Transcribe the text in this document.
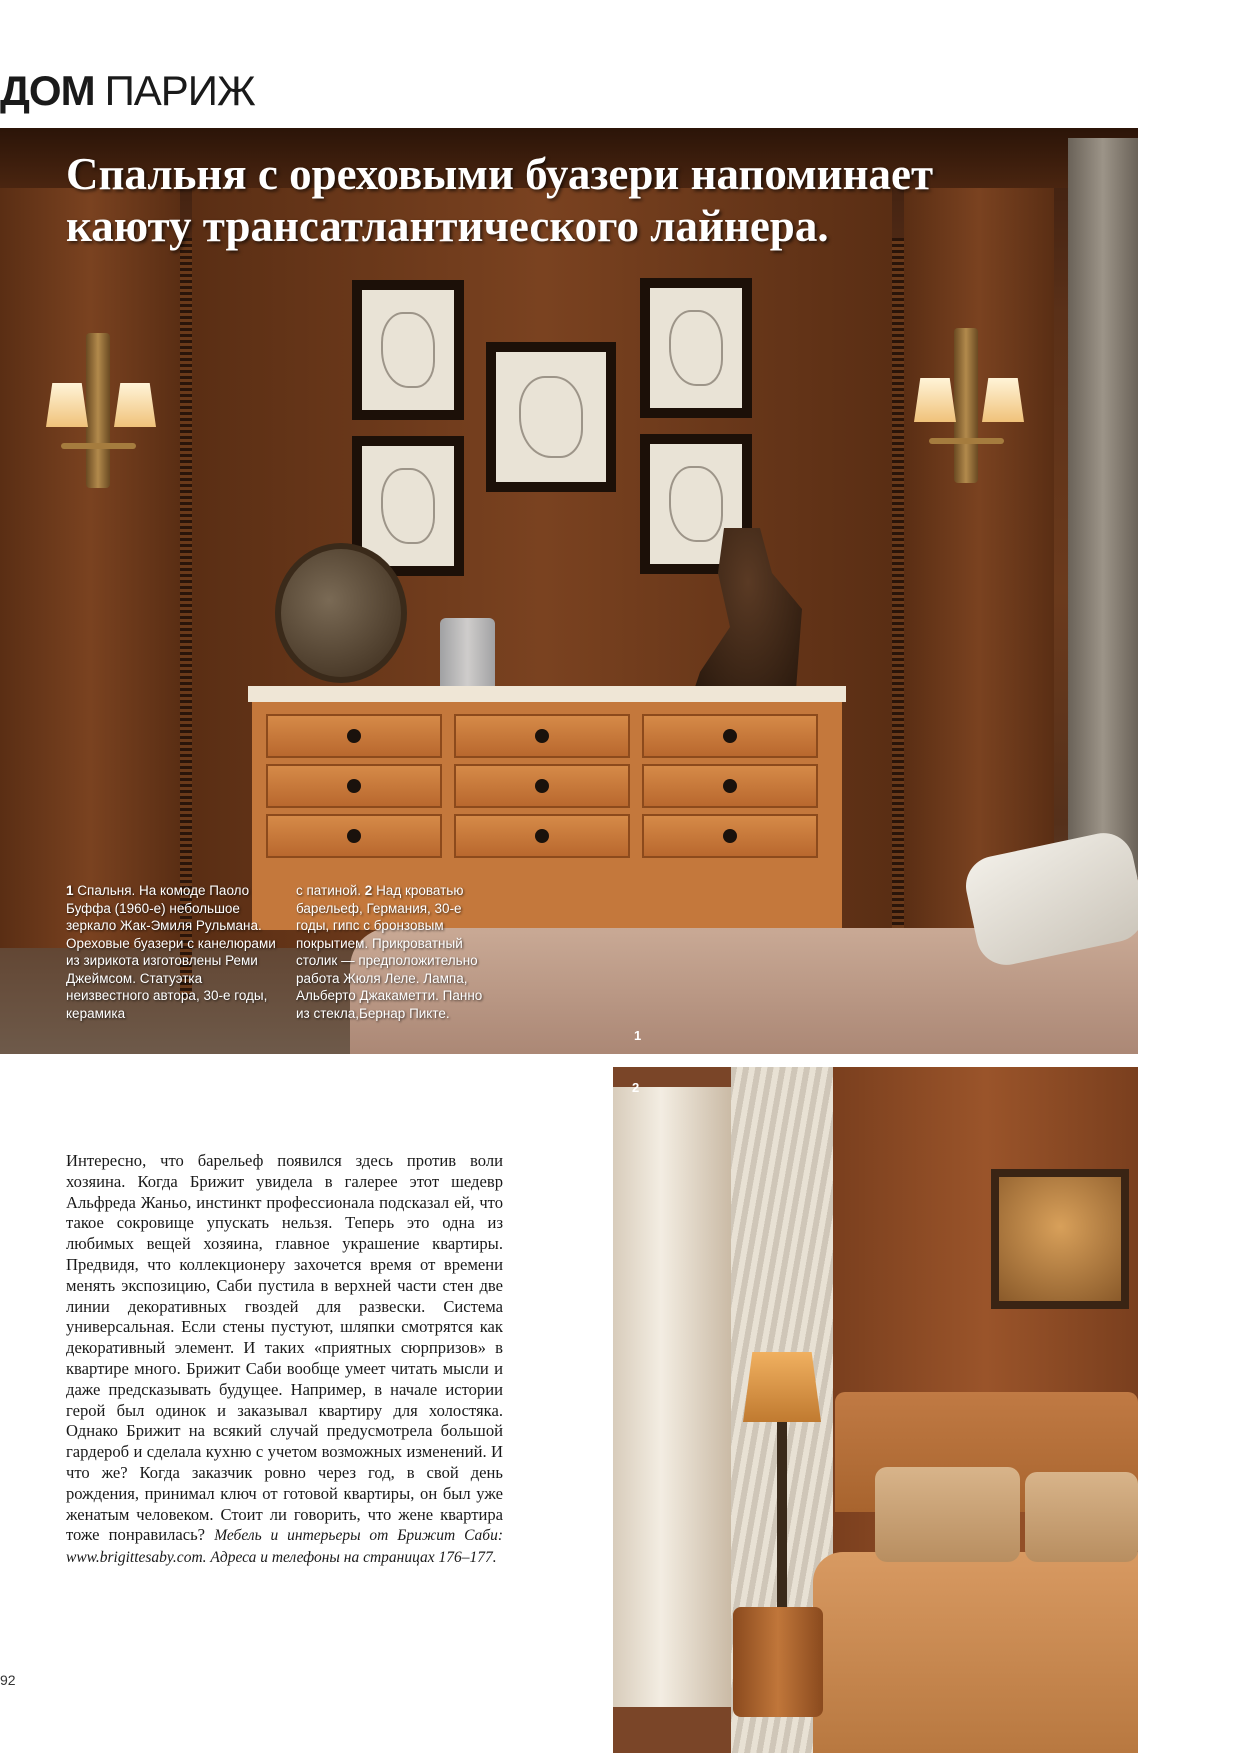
ДОМ ПАРИЖ
Спальня с ореховыми буазери напоминает
каюту трансатлантического лайнера.
1 Спальня. На комоде Паоло Буффа (1960-е) небольшое зеркало Жак-Эмиля Рульмана. Ореховые буазери с канелюрами из зирикота изготовлены Реми Джеймсом. Статуэтка неизвестного автора, 30-е годы, керамика
с патиной. 2 Над кроватью барельеф, Германия, 30-е годы, гипс с бронзовым покрытием. Прикроватный столик — предположительно работа Жюля Леле. Лампа, Альберто Джакаметти. Панно из стекла,Бернар Пикте.
1
Интересно, что барельеф появился здесь против воли хозяина. Когда Брижит увидела в галерее этот шедевр Альфреда Жаньо, инстинкт профессионала подсказал ей, что такое сокровище упускать нельзя. Теперь это одна из любимых вещей хозяина, главное украшение квартиры. Предвидя, что коллекционеру захочется время от времени менять экспозицию, Саби пустила в верхней части стен две линии декоративных гвоздей для развески. Система универсальная. Если стены пустуют, шляпки смотрятся как декоративный элемент. И таких «приятных сюрпризов» в квартире много. Брижит Саби вообще умеет читать мысли и даже предсказывать будущее. Например, в начале истории герой был одинок и заказывал квартиру для холостяка. Однако Брижит на всякий случай предусмотрела большой гардероб и сделала кухню с учетом возможных изменений. И что же? Когда заказчик ровно через год, в свой день рождения, принимал ключ от готовой квартиры, он был уже женатым человеком. Стоит ли говорить, что жене квартира тоже понравилась? Мебель и интерьеры от Брижит Саби: www.brigittesaby.com. Адреса и телефоны на страницах 176–177.
92
2
